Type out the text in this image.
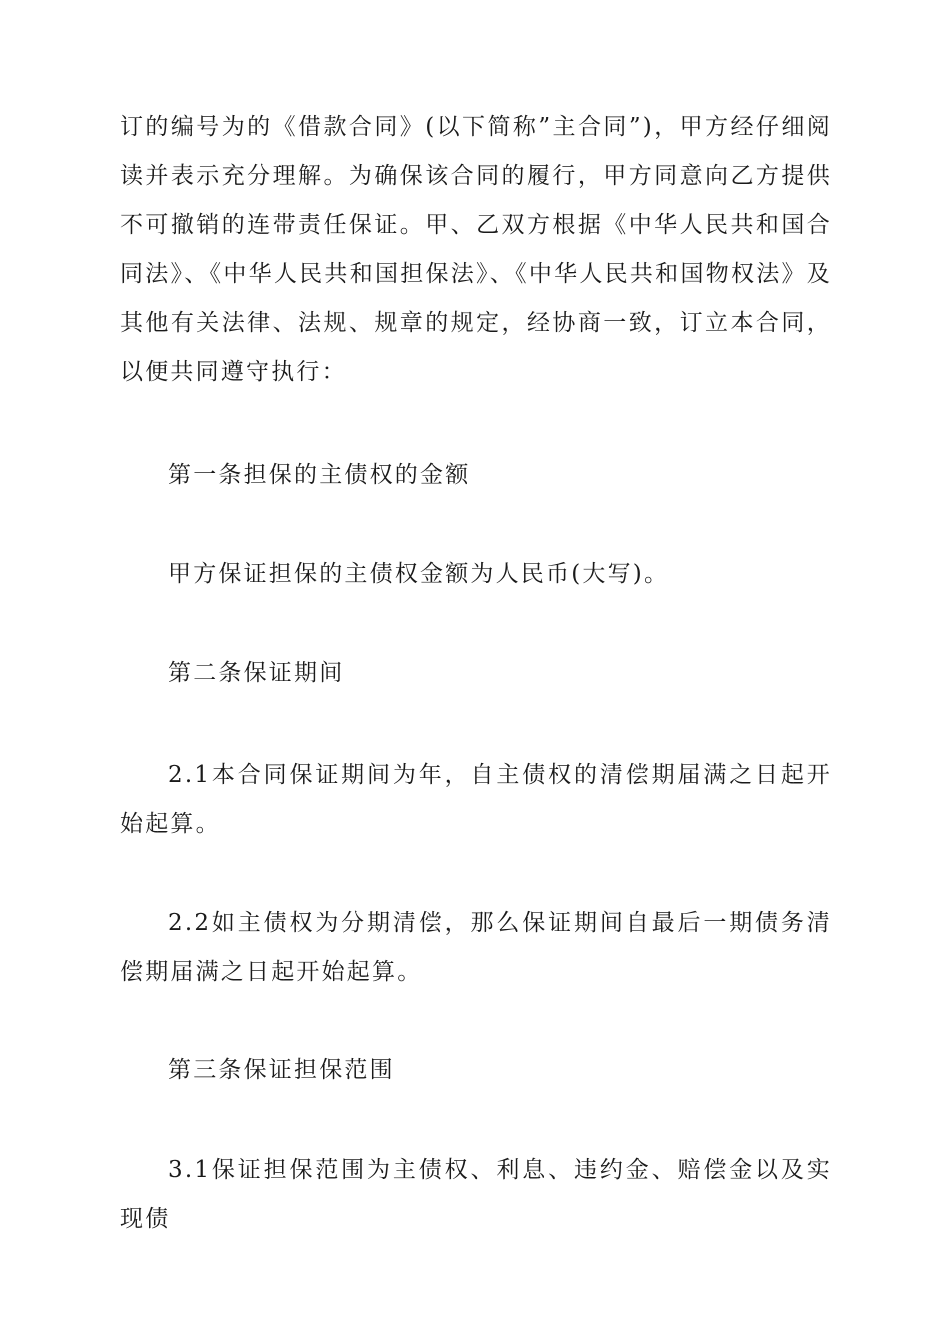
订的编号为的《借款合同》(以下简称”主合同”)，甲方经仔细阅读并表示充分理解。为确保该合同的履行，甲方同意向乙方提供不可撤销的连带责任保证。甲、乙双方根据《中华人民共和国合同法》、《中华人民共和国担保法》、《中华人民共和国物权法》及其他有关法律、法规、规章的规定，经协商一致，订立本合同，以便共同遵守执行：

第一条担保的主债权的金额

甲方保证担保的主债权金额为人民币(大写)。

第二条保证期间

2.1本合同保证期间为年，自主债权的清偿期届满之日起开始起算。

2.2如主债权为分期清偿，那么保证期间自最后一期债务清偿期届满之日起开始起算。

第三条保证担保范围

3.1保证担保范围为主债权、利息、违约金、赔偿金以及实现债
